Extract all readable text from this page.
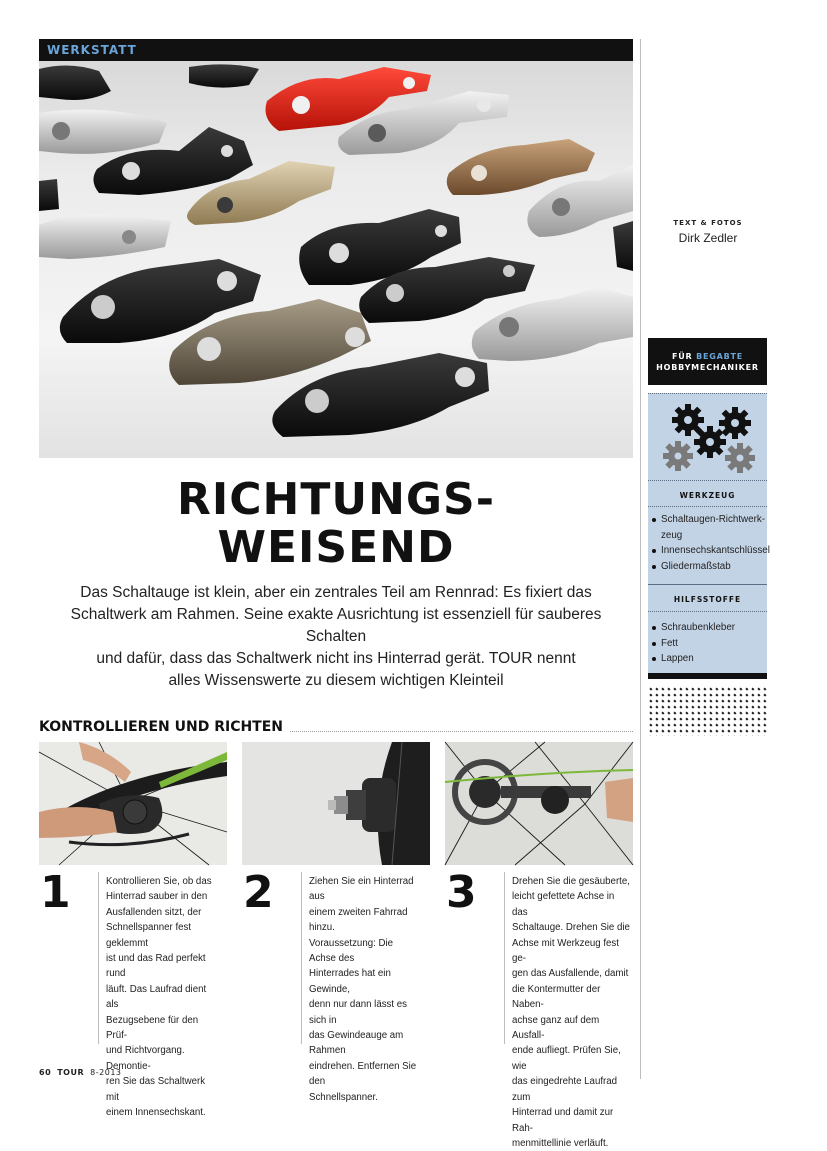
WERKSTATT
TEXT & FOTOS
Dirk Zedler
RICHTUNGS-
WEISEND
Das Schaltauge ist klein, aber ein zentrales Teil am Rennrad: Es fixiert das
Schaltwerk am Rahmen. Seine exakte Ausrichtung ist essenziell für sauberes Schalten
und dafür, dass das Schaltwerk nicht ins Hinterrad gerät. TOUR nennt
alles Wissenswerte zu diesem wichtigen Kleinteil
KONTROLLIEREN UND RICHTEN
1	Kontrollieren Sie, ob das
Hinterrad sauber in den
Ausfallenden sitzt, der
Schnellspanner fest geklemmt
ist und das Rad perfekt rund
läuft. Das Laufrad dient als
Bezugsebene für den Prüf-
und Richtvorgang. Demontie-
ren Sie das Schaltwerk mit
einem Innensechskant.
2	Ziehen Sie ein Hinterrad aus
einem zweiten Fahrrad hinzu.
Voraussetzung: Die Achse des
Hinterrades hat ein Gewinde,
denn nur dann lässt es sich in
das Gewindeauge am Rahmen
eindrehen. Entfernen Sie den
Schnellspanner.
3	Drehen Sie die gesäuberte,
leicht gefettete Achse in das
Schaltauge. Drehen Sie die
Achse mit Werkzeug fest ge-
gen das Ausfallende, damit
die Kontermutter der Naben-
achse ganz auf dem Ausfall-
ende aufliegt. Prüfen Sie, wie
das eingedrehte Laufrad zum
Hinterrad und damit zur Rah-
menmittellinie verläuft.
60 TOUR 8-2013
FÜR BEGABTE
HOBBYMECHANIKER
WERKZEUG
Schaltaugen-Richtwerk-
zeug
Innensechskantschlüssel
Gliedermaßstab
HILFSSTOFFE
Schraubenkleber
Fett
Lappen
